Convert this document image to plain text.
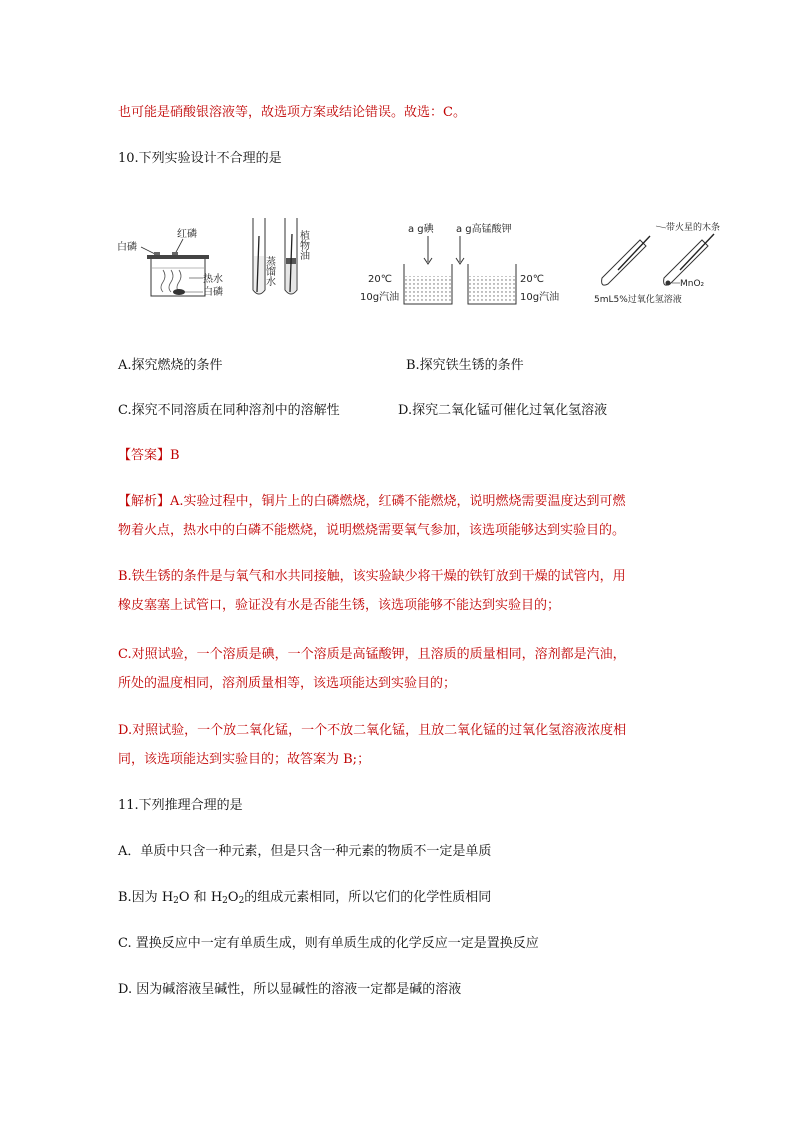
也可能是硝酸银溶液等，故选项方案或结论错误。故选：C。
10.下列实验设计不合理的是
白磷
红磷
热水
白磷
蒸馏水
植物油
a g碘 a g高锰酸钾
20℃
10g汽油
20℃
10g汽油
带火星的木条
MnO₂
5mL5%过氧化氢溶液
A.探究燃烧的条件	B.探究铁生锈的条件
C.探究不同溶质在同种溶剂中的溶解性	D.探究二氧化锰可催化过氧化氢溶液
【答案】B
【解析】A.实验过程中，铜片上的白磷燃烧，红磷不能燃烧，说明燃烧需要温度达到可燃
物着火点，热水中的白磷不能燃烧，说明燃烧需要氧气参加，该选项能够达到实验目的。
B.铁生锈的条件是与氧气和水共同接触，该实验缺少将干燥的铁钉放到干燥的试管内，用
橡皮塞塞上试管口，验证没有水是否能生锈，该选项能够不能达到实验目的；
C.对照试验，一个溶质是碘，一个溶质是高锰酸钾，且溶质的质量相同，溶剂都是汽油，
所处的温度相同，溶剂质量相等，该选项能达到实验目的；
D.对照试验，一个放二氧化锰，一个不放二氧化锰，且放二氧化锰的过氧化氢溶液浓度相
同，该选项能达到实验目的；故答案为 B;；
11.下列推理合理的是
A．单质中只含一种元素，但是只含一种元素的物质不一定是单质
B.因为 $H_2O$ 和 $H_2O_2$的组成元素相同，所以它们的化学性质相同
C. 置换反应中一定有单质生成，则有单质生成的化学反应一定是置换反应
D. 因为碱溶液呈碱性，所以显碱性的溶液一定都是碱的溶液
